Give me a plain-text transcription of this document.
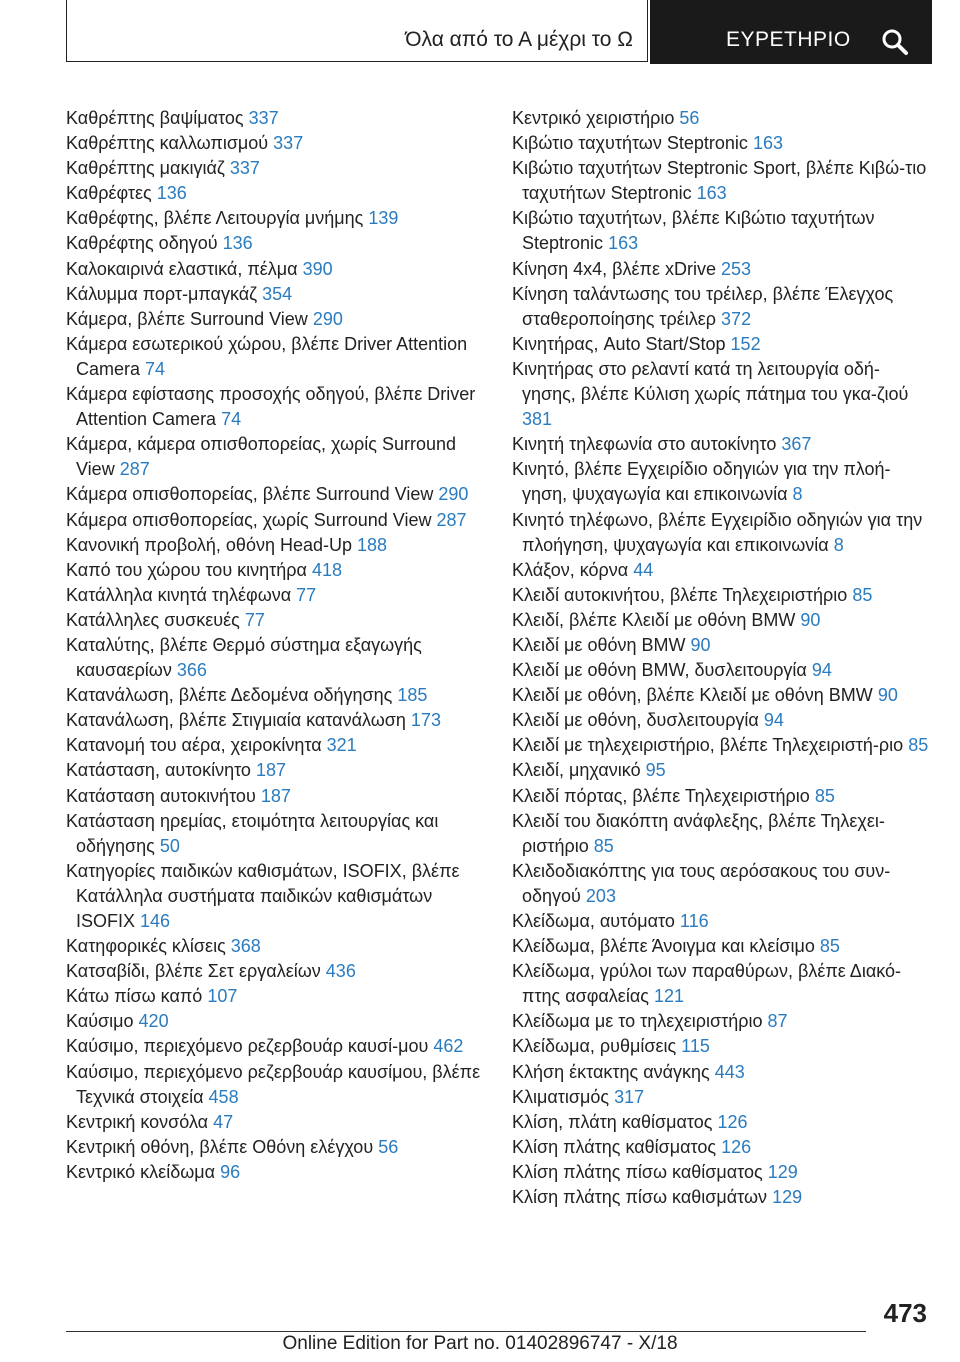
Όλα από το Α μέχρι το Ω	ΕΥΡΕΤΗΡΙΟ
Καθρέπτης βαψίματος 337
Καθρέπτης καλλωπισμού 337
Καθρέπτης μακιγιάζ 337
Καθρέφτες 136
Καθρέφτης, βλέπε Λειτουργία μνήμης 139
Καθρέφτης οδηγού 136
Καλοκαιρινά ελαστικά, πέλμα 390
Κάλυμμα πορτ-μπαγκάζ 354
Κάμερα, βλέπε Surround View 290
Κάμερα εσωτερικού χώρου, βλέπε Driver Attention Camera 74
Κάμερα εφίστασης προσοχής οδηγού, βλέπε Driver Attention Camera 74
Κάμερα, κάμερα οπισθοπορείας, χωρίς Surround View 287
Κάμερα οπισθοπορείας, βλέπε Surround View 290
Κάμερα οπισθοπορείας, χωρίς Surround View 287
Κανονική προβολή, οθόνη Head-Up 188
Καπό του χώρου του κινητήρα 418
Κατάλληλα κινητά τηλέφωνα 77
Κατάλληλες συσκευές 77
Καταλύτης, βλέπε Θερμό σύστημα εξαγωγής καυσαερίων 366
Κατανάλωση, βλέπε Δεδομένα οδήγησης 185
Κατανάλωση, βλέπε Στιγμιαία κατανάλωση 173
Κατανομή του αέρα, χειροκίνητα 321
Κατάσταση, αυτοκίνητο 187
Κατάσταση αυτοκινήτου 187
Κατάσταση ηρεμίας, ετοιμότητα λειτουργίας και οδήγησης 50
Κατηγορίες παιδικών καθισμάτων, ISOFIX, βλέπε Κατάλληλα συστήματα παιδικών καθισμάτων ISOFIX 146
Κατηφορικές κλίσεις 368
Κατσαβίδι, βλέπε Σετ εργαλείων 436
Κάτω πίσω καπό 107
Καύσιμο 420
Καύσιμο, περιεχόμενο ρεζερβουάρ καυσί-μου 462
Καύσιμο, περιεχόμενο ρεζερβουάρ καυσίμου, βλέπε Τεχνικά στοιχεία 458
Κεντρική κονσόλα 47
Κεντρική οθόνη, βλέπε Οθόνη ελέγχου 56
Κεντρικό κλείδωμα 96
Κεντρικό χειριστήριο 56
Κιβώτιο ταχυτήτων Steptronic 163
Κιβώτιο ταχυτήτων Steptronic Sport, βλέπε Κιβώ-τιο ταχυτήτων Steptronic 163
Κιβώτιο ταχυτήτων, βλέπε Κιβώτιο ταχυτήτων Steptronic 163
Κίνηση 4x4, βλέπε xDrive 253
Κίνηση ταλάντωσης του τρέιλερ, βλέπε Έλεγχος σταθεροποίησης τρέιλερ 372
Κινητήρας, Auto Start/Stop 152
Κινητήρας στο ρελαντί κατά τη λειτουργία οδή-γησης, βλέπε Κύλιση χωρίς πάτημα του γκα-ζιού 381
Κινητή τηλεφωνία στο αυτοκίνητο 367
Κινητό, βλέπε Εγχειρίδιο οδηγιών για την πλοή-γηση, ψυχαγωγία και επικοινωνία 8
Κινητό τηλέφωνο, βλέπε Εγχειρίδιο οδηγιών για την πλοήγηση, ψυχαγωγία και επικοινωνία 8
Κλάξον, κόρνα 44
Κλειδί αυτοκινήτου, βλέπε Τηλεχειριστήριο 85
Κλειδί, βλέπε Κλειδί με οθόνη BMW 90
Κλειδί με οθόνη BMW 90
Κλειδί με οθόνη BMW, δυσλειτουργία 94
Κλειδί με οθόνη, βλέπε Κλειδί με οθόνη BMW 90
Κλειδί με οθόνη, δυσλειτουργία 94
Κλειδί με τηλεχειριστήριο, βλέπε Τηλεχειριστή-ριο 85
Κλειδί, μηχανικό 95
Κλειδί πόρτας, βλέπε Τηλεχειριστήριο 85
Κλειδί του διακόπτη ανάφλεξης, βλέπε Τηλεχει-ριστήριο 85
Κλειδοδιακόπτης για τους αερόσακους του συν-οδηγού 203
Κλείδωμα, αυτόματο 116
Κλείδωμα, βλέπε Άνοιγμα και κλείσιμο 85
Κλείδωμα, γρύλοι των παραθύρων, βλέπε Διακό-πτης ασφαλείας 121
Κλείδωμα με το τηλεχειριστήριο 87
Κλείδωμα, ρυθμίσεις 115
Κλήση έκτακτης ανάγκης 443
Κλιματισμός 317
Κλίση, πλάτη καθίσματος 126
Κλίση πλάτης καθίσματος 126
Κλίση πλάτης πίσω καθίσματος 129
Κλίση πλάτης πίσω καθισμάτων 129
473
Online Edition for Part no. 01402896747 - X/18
